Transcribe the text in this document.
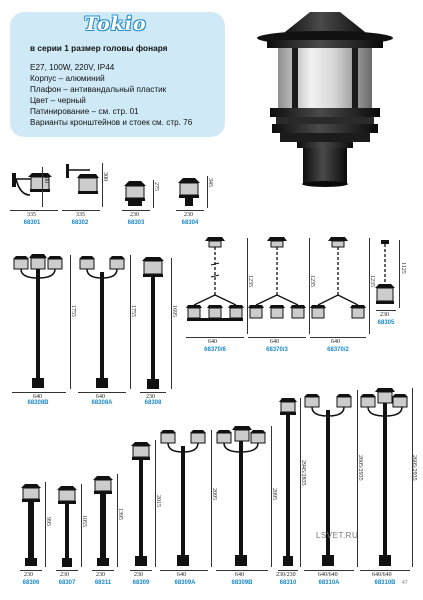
Tokio
в серии 1 размер головы фонаря
E27, 100W, 220V, IP44
Корпус – алюминий
Плафон – антивандальный пластик
Цвет – черный
Патинирование – см. стр. 01
Варианты кронштейнов и стоек см. стр. 76
335
300
68301
335
300
68302
230
275
68303
230
345
68304
640
1755
68308B
640
1755
68308A
230
1695
68308
640
1235
68370/6
640
1235
68370/3
640
1235
68370/2
230
1125
68305
230
995
68306
230
1055
68307
230
1395
68311
230
2015
68309
640
2095
68309A
640
2095
68309B
230/230
2945/2835
68310
640/640
2605/2935
68310A
640/640
2605/2935
68310B
LSVET.RU
47
